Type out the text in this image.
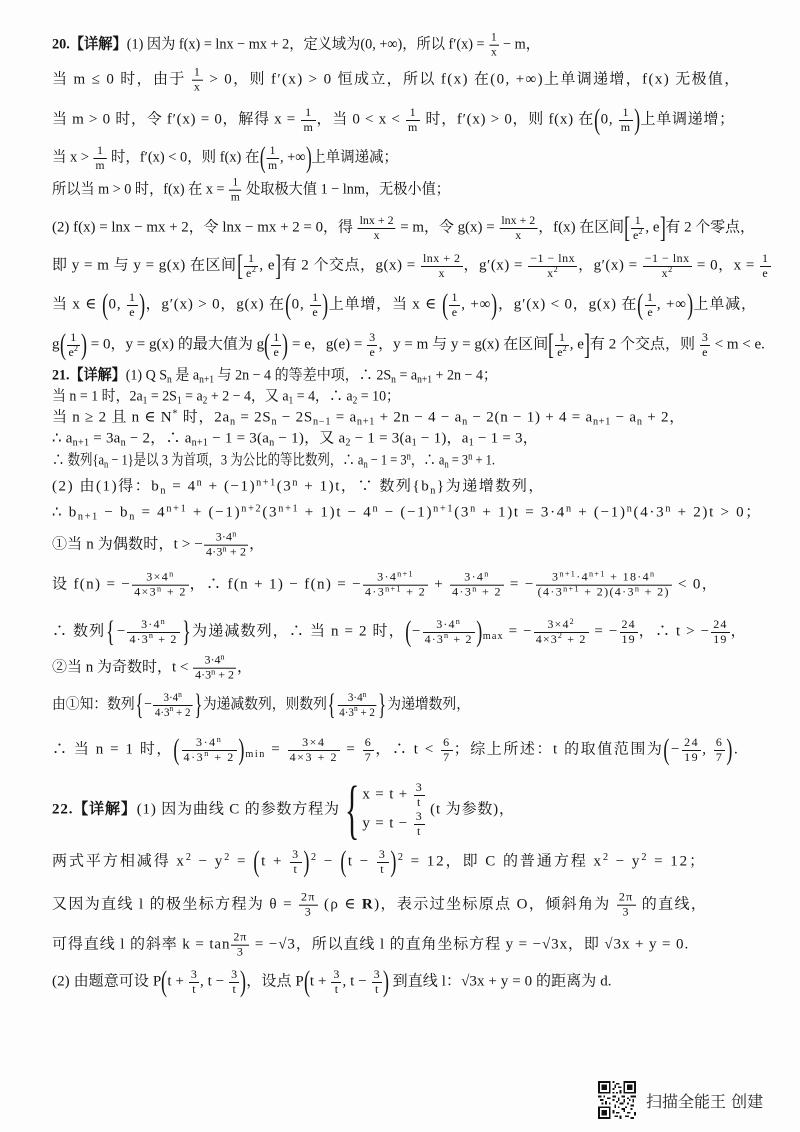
20.【详解】(1) 因为 f(x) = lnx − mx + 2，定义域为(0, +∞)，所以 $f'(x) = \frac{1}{x} - m$，
当 m ≤ 0 时，由于 $\frac{1}{x} > 0$，则 f′(x) > 0 恒成立，所以 f(x) 在(0, +∞)上单调递增，f(x) 无极值，
当 m > 0 时，令 f′(x) = 0，解得 $x = \frac{1}{m}$ ，当 $0 < x < \frac{1}{m}$ 时，f′(x) > 0，则 f(x) 在(0, $\frac{1}{m}$ )上单调递增；
当 $x > \frac{1}{m}$ 时，f′(x) < 0，则 f(x) 在( $\frac{1}{m}$ , +∞)上单调递减；
所以当 m > 0 时，f(x) 在 $x = \frac{1}{m}$ 处取极大值 1 − lnm，无极小值；
(2) f(x) = lnx − mx + 2，令 lnx − mx + 2 = 0，得 $\frac{\ln x + 2}{x} = m$，令 $g(x) = \frac{\ln x + 2}{x}$ ，f(x) 在区间[ $\frac{1}{e^2}$ , e]有 2 个零点，
即 y = m 与 y = g(x) 在区间[ $\frac{1}{e^2}$ , e]有 2 个交点，$g(x) = \frac{\ln x + 2}{x}$ ，$g'(x) = \frac{-1 - \ln x}{x^2}$ ，$g'(x) = \frac{-1 - \ln x}{x^2} = 0$，$x = \frac{1}{e}$
当 x ∈ (0, $\frac{1}{e}$ )，g′(x) > 0，g(x) 在(0, $\frac{1}{e}$ )上单增，当 x ∈ ( $\frac{1}{e}$ , +∞)，g′(x) < 0，g(x) 在( $\frac{1}{e}$ , +∞)上单减，
$g( \frac{1}{e^2}$ ) = 0，y = g(x) 的最大值为 $g( \frac{1}{e}$ ) = e，$g(e) = \frac{3}{e}$ ，y = m 与 y = g(x) 在区间[ $\frac{1}{e^2}$ , e]有 2 个交点，则 $\frac{3}{e} < m < e$.
21.【详解】(1) Q $S_n$ 是 $a_{n+1}$ 与 2n − 4 的等差中项，∴ $2S_n = a_{n+1} + 2n - 4$；
当 n = 1 时，$2a_1 = 2S_1 = a_2 + 2 - 4$，又 $a_1 = 4$，∴ $a_2 = 10$；
当 n ≥ 2 且 n ∈ N* 时，$2a_n = 2S_n - 2S_{n-1} = a_{n+1} + 2n - 4 - a_n - 2(n - 1) + 4 = a_{n+1} - a_n + 2$，
∴ $a_{n+1} = 3a_n - 2$，∴ $a_{n+1} - 1 = 3(a_n - 1)$，又 $a_2 - 1 = 3(a_1 - 1)$，$a_1 - 1 = 3$，
∴ 数列$\{a_n - 1\}$是以 3 为首项，3 为公比的等比数列，∴ $a_n - 1 = 3^n$，∴ $a_n = 3^n + 1$.
(2) 由(1)得：$b_n = 4^n + (-1)^{n+1}(3^n + 1)t$，∵ 数列$\{b_n\}$为递增数列，
∴ $b_{n+1} - b_n = 4^{n+1} + (-1)^{n+2}(3^{n+1} + 1)t - 4^n - (-1)^{n+1}(3^n + 1)t = 3\cdot 4^n + (-1)^n(4\cdot 3^n + 2)t > 0$；
①当 n 为偶数时，t > − $\frac{3\cdot 4^n}{4\cdot 3^n + 2}$ ，
设 f(n) = − $\frac{3\times 4^n}{4\times 3^n + 2}$ ，∴ f(n + 1) − f(n) = − $\frac{3\cdot 4^{n+1}}{4\cdot 3^{n+1} + 2} + \frac{3\cdot 4^n}{4\cdot 3^n + 2}$ = − $\frac{3^{n+1}\cdot 4^{n+1} + 18\cdot 4^n}{(4\cdot 3^{n+1} + 2)(4\cdot 3^n + 2)} < 0$，
∴ 数列{− $\frac{3\cdot 4^n}{4\cdot 3^n + 2}$ }为递减数列，∴ 当 n = 2 时，(− $\frac{3\cdot 4^n}{4\cdot 3^n + 2} )_{max}$ = − $\frac{3\times 4^2}{4\times 3^2 + 2}$ = − $\frac{24}{19}$ ，∴ t > − $\frac{24}{19}$ ，
②当 n 为奇数时，$t < \frac{3\cdot 4^n}{4\cdot 3^n + 2}$ ，
由①知：数列{− $\frac{3\cdot 4^n}{4\cdot 3^n + 2}$ }为递减数列，则数列{ $\frac{3\cdot 4^n}{4\cdot 3^n + 2}$ }为递增数列，
∴ 当 n = 1 时，( $\frac{3\cdot 4^n}{4\cdot 3^n + 2} )_{min} = \frac{3\times 4}{4\times 3 + 2} = \frac{6}{7}$ ，∴ $t < \frac{6}{7}$ ；综上所述：t 的取值范围为(− $\frac{24}{19}$ , $\frac{6}{7}$ ).
22.【详解】(1) 因为曲线 C 的参数方程为{ $x = t + \frac{3}{t}$
$y = t - \frac{3}{t}$
(t 为参数)，
两式平方相减得 $x^2 - y^2 = (t + \frac{3}{t} )^2 - (t - \frac{3}{t} )^2 = 12$，即 C 的普通方程 $x^2 - y^2 = 12$；
又因为直线 l 的极坐标方程为 $\theta = \frac{2\pi}{3} (\rho$ ∈ R)，表示过坐标原点 O，倾斜角为 $\frac{2\pi}{3}$ 的直线，
可得直线 l 的斜率 $k = \tan \frac{2\pi}{3} = -√3$，所以直线 l 的直角坐标方程 y = −√3x，即 √3x + y = 0.
(2) 由题意可设 $P(t + \frac{3}{t}$ , $t - \frac{3}{t}$ )，设点 $P(t + \frac{3}{t}$ , $t - \frac{3}{t}$ ) 到直线 l：√3x + y = 0 的距离为 d.
扫描全能王 创建
